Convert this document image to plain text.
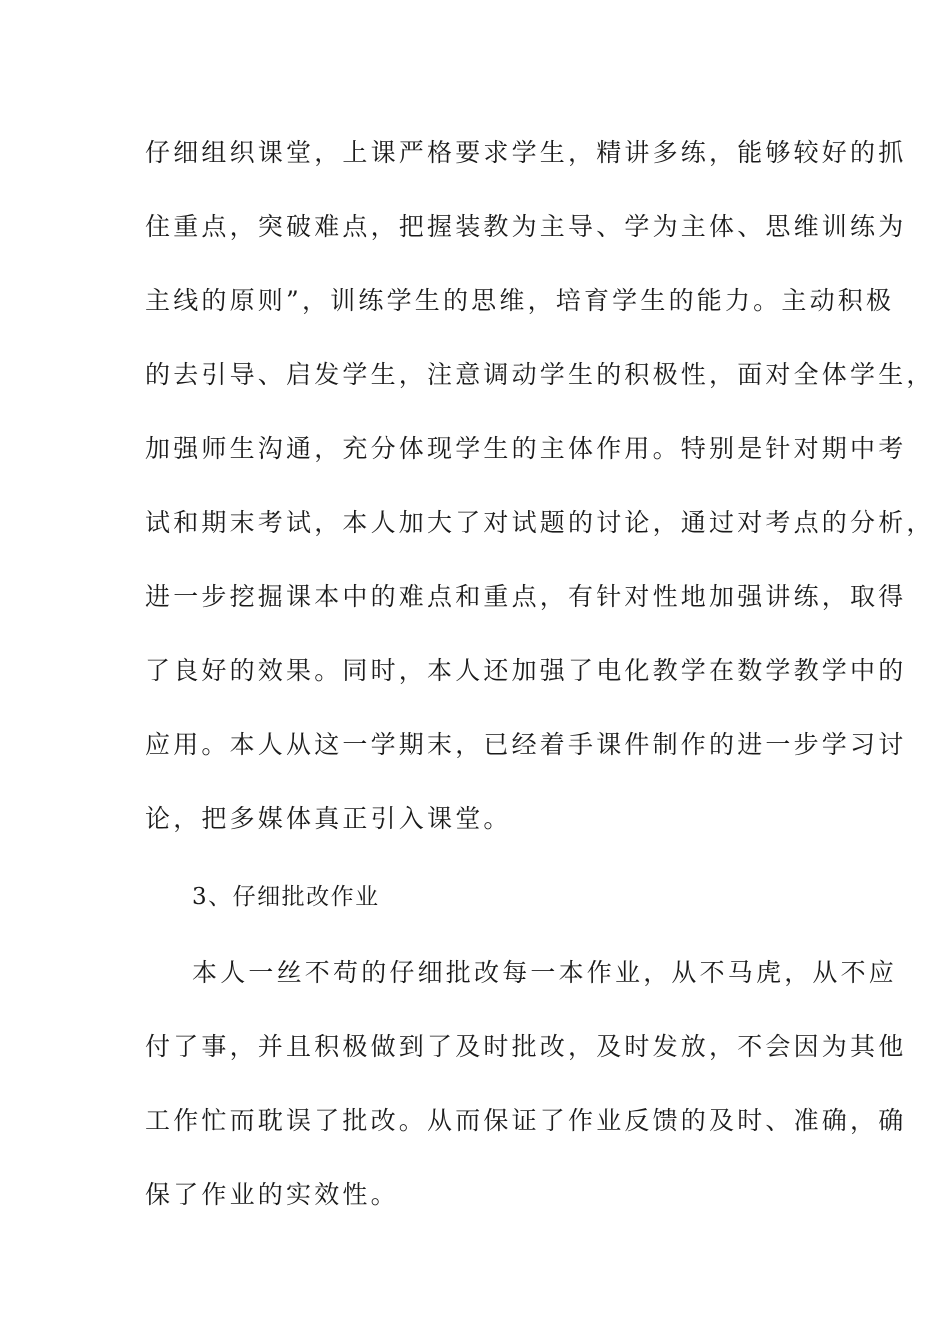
仔细组织课堂，上课严格要求学生，精讲多练，能够较好的抓
住重点，突破难点，把握装教为主导、学为主体、思维训练为
主线的原则”，训练学生的思维，培育学生的能力。主动积极
的去引导、启发学生，注意调动学生的积极性，面对全体学生，
加强师生沟通，充分体现学生的主体作用。特别是针对期中考
试和期末考试，本人加大了对试题的讨论，通过对考点的分析，
进一步挖掘课本中的难点和重点，有针对性地加强讲练，取得
了良好的效果。同时，本人还加强了电化教学在数学教学中的
应用。本人从这一学期末，已经着手课件制作的进一步学习讨
论，把多媒体真正引入课堂。
3、仔细批改作业
本人一丝不苟的仔细批改每一本作业，从不马虎，从不应
付了事，并且积极做到了及时批改，及时发放，不会因为其他
工作忙而耽误了批改。从而保证了作业反馈的及时、准确，确
保了作业的实效性。
